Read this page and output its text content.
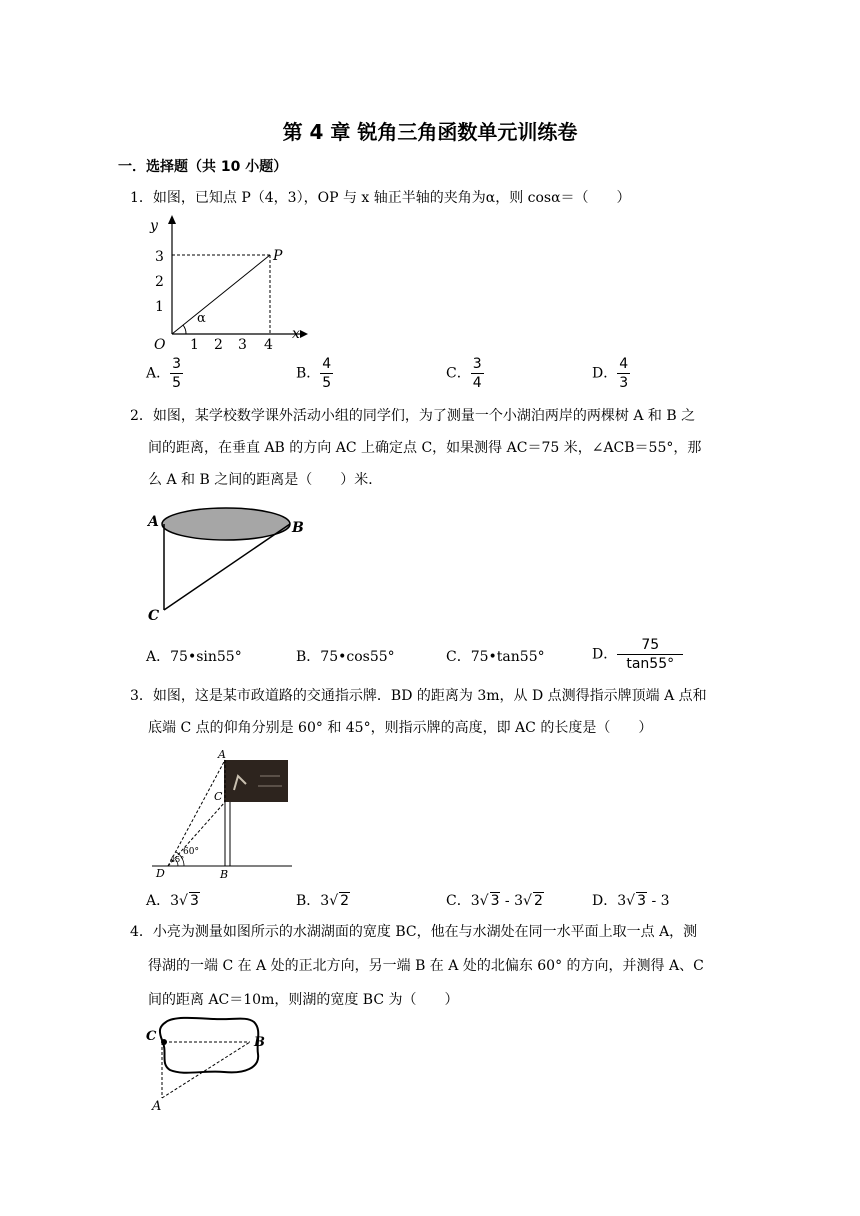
第 4 章 锐角三角函数单元训练卷
一．选择题（共 10 小题）
1．如图，已知点 P（4，3），OP 与 x 轴正半轴的夹角为α，则 cosα＝（　　）
y
x
O
P
α
1 2 3 4
1
2
3
A． $\frac{3}{5}$	B． $\frac{4}{5}$	C． $\frac{3}{4}$	D． $\frac{4}{3}$
2．如图，某学校数学课外活动小组的同学们，为了测量一个小湖泊两岸的两棵树 A 和 B 之
间的距离，在垂直 AB 的方向 AC 上确定点 C，如果测得 AC＝75 米，∠ACB＝55°，那
么 A 和 B 之间的距离是（　　）米．
A	B
C
A．75•sin55°	B．75•cos55°	C．75•tan55°	D． $\frac{75}{\tan 55^\circ}$
3．如图，这是某市政道路的交通指示牌．BD 的距离为 3m，从 D 点测得指示牌顶端 A 点和
底端 C 点的仰角分别是 60° 和 45°，则指示牌的高度，即 AC 的长度是（　　）
A
C
D	B
60°
45°
A．3√ 3	B．3√ 2	C．3√ 3 - 3√ 2	D．3√ 3 - 3
4．小亮为测量如图所示的水湖湖面的宽度 BC，他在与水湖处在同一水平面上取一点 A，测
得湖的一端 C 在 A 处的正北方向，另一端 B 在 A 处的北偏东 60° 的方向，并测得 A、C
间的距离 AC＝10m，则湖的宽度 BC 为（　　）
C	B
A
